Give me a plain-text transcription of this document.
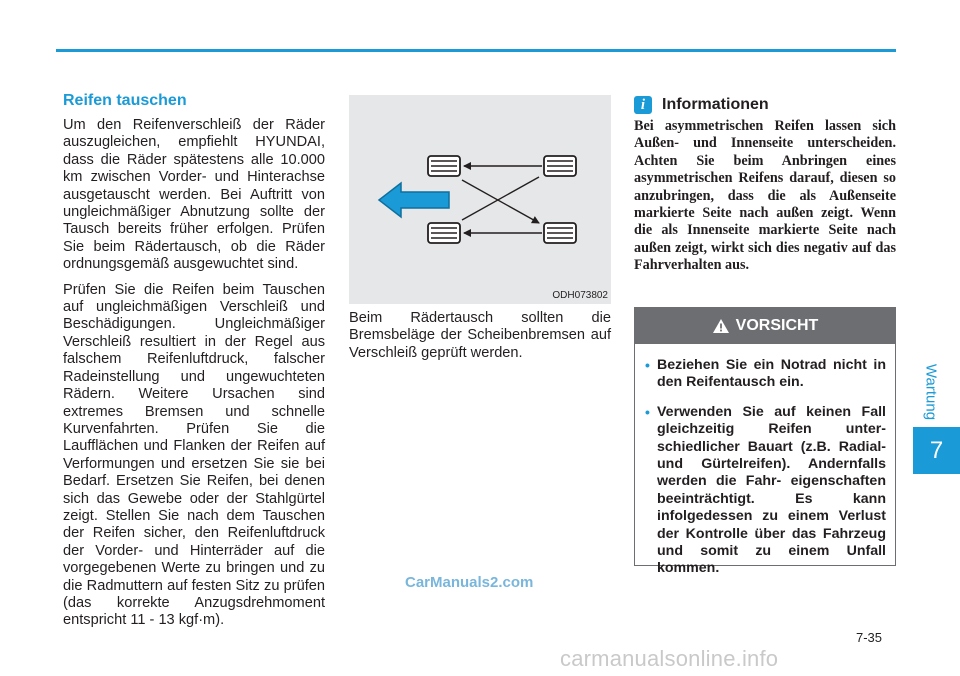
Wartung
7
Reifen tauschen

Um den Reifenverschleiß der Räder auszugleichen, empfiehlt HYUNDAI, dass die Räder spätestens alle 10.000 km zwischen Vorder- und Hinterachse ausgetauscht werden. Bei Auftritt von ungleichmäßiger Abnutzung sollte der Tausch bereits früher erfolgen. Prüfen Sie beim Rädertausch, ob die Räder ordnungsgemäß ausgewuchtet sind.

Prüfen Sie die Reifen beim Tauschen auf ungleichmäßigen Verschleiß und Beschädigungen. Ungleichmäßiger Verschleiß resultiert in der Regel aus falschem Reifenluftdruck, falscher Radeinstellung und ungewuchteten Rädern. Weitere Ursachen sind extremes Bremsen und schnelle Kurvenfahrten. Prüfen Sie die Laufflächen und Flanken der Reifen auf Verformungen und ersetzen Sie sie bei Bedarf. Ersetzen Sie Reifen, bei denen sich das Gewebe oder der Stahlgürtel zeigt. Stellen Sie nach dem Tauschen der Reifen sicher, den Reifenluftdruck der Vorder- und Hinterräder auf die vorgegebenen Werte zu bringen und zu die Radmuttern auf festen Sitz zu prüfen (das korrekte Anzugsdrehmoment entspricht 11 - 13 kgf·m).

ODH073802

Beim Rädertausch sollten die Bremsbeläge der Scheibenbremsen auf Verschleiß geprüft werden.

i	Informationen

Bei asymmetrischen Reifen lassen sich Außen- und Innenseite unterscheiden. Achten Sie beim Anbringen eines asymmetrischen Reifens darauf, diesen so anzubringen, dass die als Außenseite markierte Seite nach außen zeigt. Wenn die als Innenseite markierte Seite nach außen zeigt, wirkt sich dies negativ auf das Fahrverhalten aus.

VORSICHT
• Beziehen Sie ein Notrad nicht in den Reifentausch ein.
• Verwenden Sie auf keinen Fall gleichzeitig Reifen unter- schiedlicher Bauart (z.B. Radial- und Gürtelreifen). Andernfalls werden die Fahr- eigenschaften beeinträchtigt. Es kann infolgedessen zu einem Verlust der Kontrolle über das Fahrzeug und somit zu einem Unfall kommen.
CarManuals2.com
7-35
carmanualsonline.info
